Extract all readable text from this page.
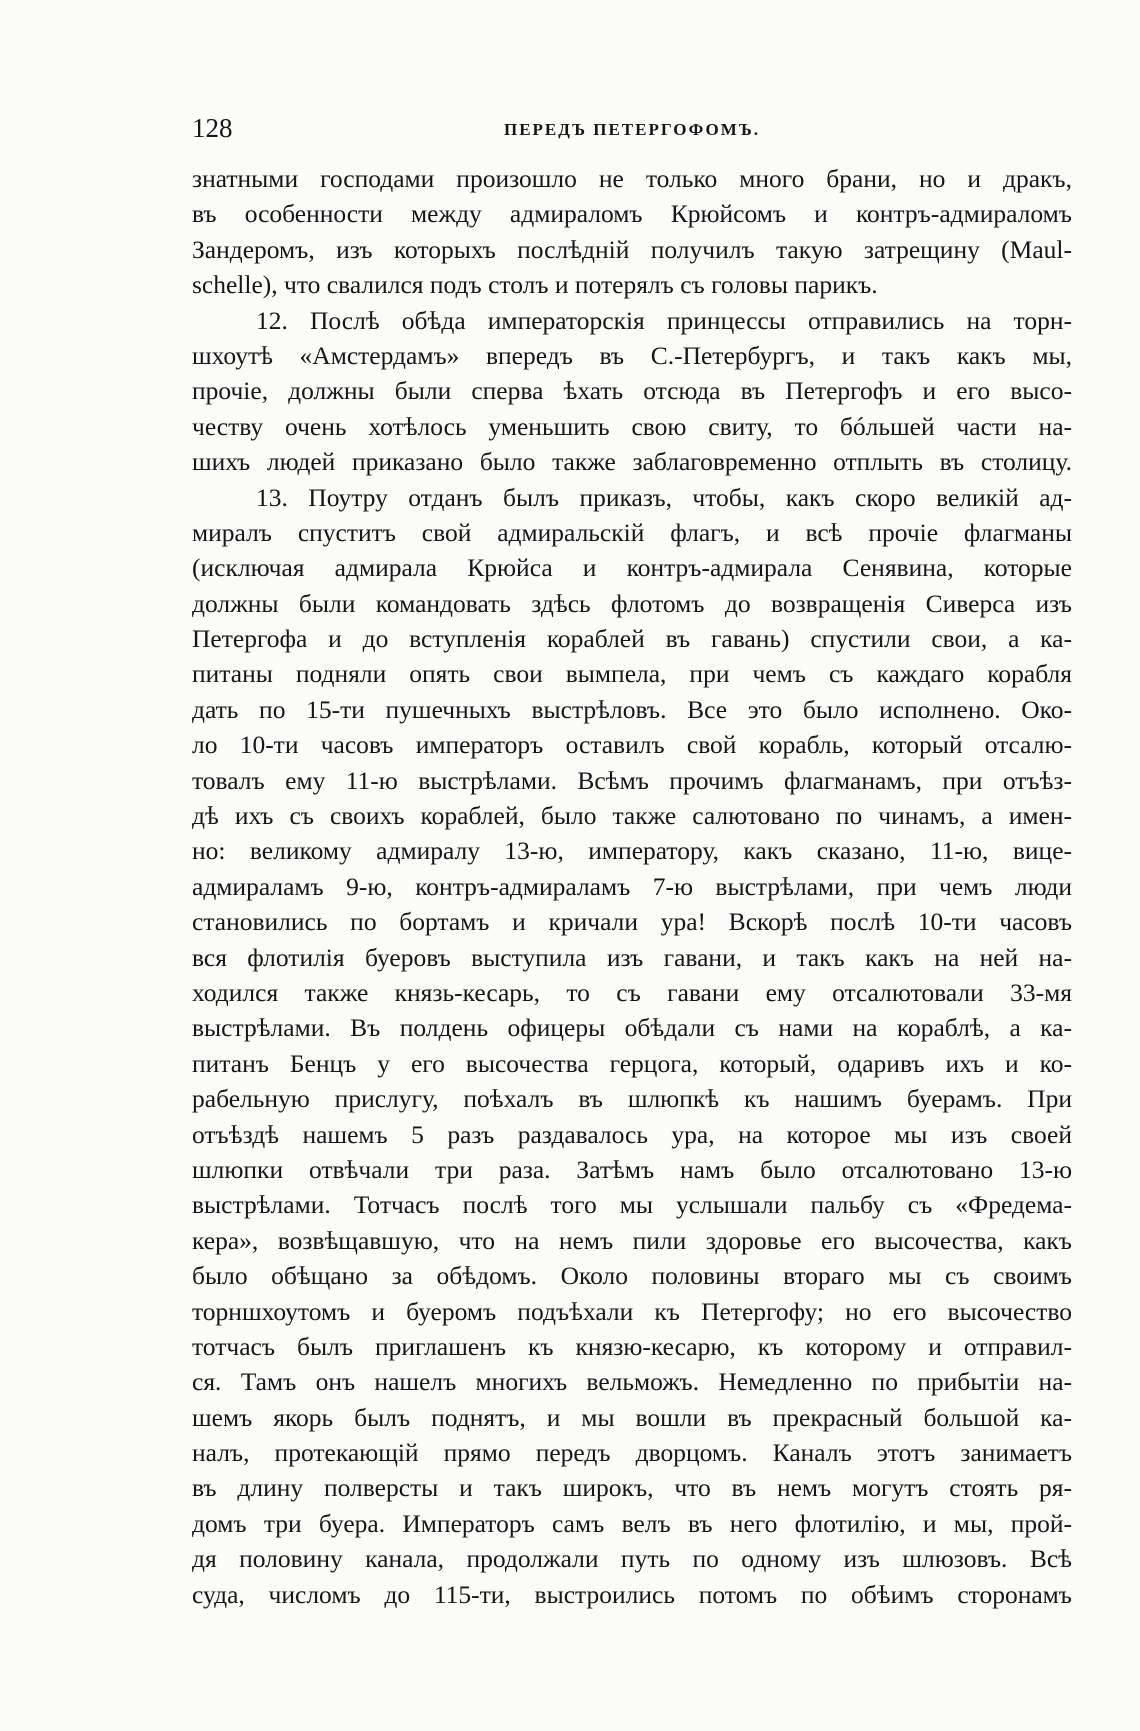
128	ПЕРЕДЪ ПЕТЕРГОФОМЪ.
знатными господами произошло не только много брани, но и дракъ,
въ особенности между адмираломъ Крюйсомъ и контръ-адмираломъ
Зандеромъ, изъ которыхъ послѣднiй получилъ такую затрещину (Maul-
schelle), что свалился подъ столъ и потерялъ съ головы парикъ.
12. Послѣ обѣда императорскiя принцессы отправились на торн-
шхоутѣ «Амстердамъ» впередъ въ С.-Петербургъ, и такъ какъ мы,
прочiе, должны были сперва ѣхать отсюда въ Петергофъ и его высо-
честву очень хотѣлось уменьшить свою свиту, то бóльшей части на-
шихъ людей приказано было также заблаговременно отплыть въ столицу.
13. Поутру отданъ былъ приказъ, чтобы, какъ скоро великiй ад-
миралъ спуститъ свой адмиральскiй флагъ, и всѣ прочiе флагманы
(исключая адмирала Крюйса и контръ-адмирала Сенявина, которые
должны были командовать здѣсь флотомъ до возвращенiя Сиверса изъ
Петергофа и до вступленiя кораблей въ гавань) спустили свои, а ка-
питаны подняли опять свои вымпела, при чемъ съ каждаго корабля
дать по 15-ти пушечныхъ выстрѣловъ. Все это было исполнено. Око-
ло 10-ти часовъ императоръ оставилъ свой корабль, который отсалю-
товалъ ему 11-ю выстрѣлами. Всѣмъ прочимъ флагманамъ, при отъѣз-
дѣ ихъ съ своихъ кораблей, было также салютовано по чинамъ, а имен-
но: великому адмиралу 13-ю, императору, какъ сказано, 11-ю, вице-
адмираламъ 9-ю, контръ-адмираламъ 7-ю выстрѣлами, при чемъ люди
становились по бортамъ и кричали ура! Вскорѣ послѣ 10-ти часовъ
вся флотилiя буеровъ выступила изъ гавани, и такъ какъ на ней на-
ходился также князь-кесарь, то съ гавани ему отсалютовали 33-мя
выстрѣлами. Въ полдень офицеры обѣдали съ нами на кораблѣ, а ка-
питанъ Бенцъ у его высочества герцога, который, одаривъ ихъ и ко-
рабельную прислугу, поѣхалъ въ шлюпкѣ къ нашимъ буерамъ. При
отъѣздѣ нашемъ 5 разъ раздавалось ура, на которое мы изъ своей
шлюпки отвѣчали три раза. Затѣмъ намъ было отсалютовано 13-ю
выстрѣлами. Тотчасъ послѣ того мы услышали пальбу съ «Фредема-
кера», возвѣщавшую, что на немъ пили здоровье его высочества, какъ
было обѣщано за обѣдомъ. Около половины втораго мы съ своимъ
торншхоутомъ и буеромъ подъѣхали къ Петергофу; но его высочество
тотчасъ былъ приглашенъ къ князю-кесарю, къ которому и отправил-
ся. Тамъ онъ нашелъ многихъ вельможъ. Немедленно по прибытiи на-
шемъ якорь былъ поднятъ, и мы вошли въ прекрасный большой ка-
налъ, протекающiй прямо передъ дворцомъ. Каналъ этотъ занимаетъ
въ длину полверсты и такъ широкъ, что въ немъ могутъ стоять ря-
домъ три буера. Императоръ самъ велъ въ него флотилiю, и мы, прой-
дя половину канала, продолжали путь по одному изъ шлюзовъ. Всѣ
суда, числомъ до 115-ти, выстроились потомъ по обѣимъ сторонамъ
